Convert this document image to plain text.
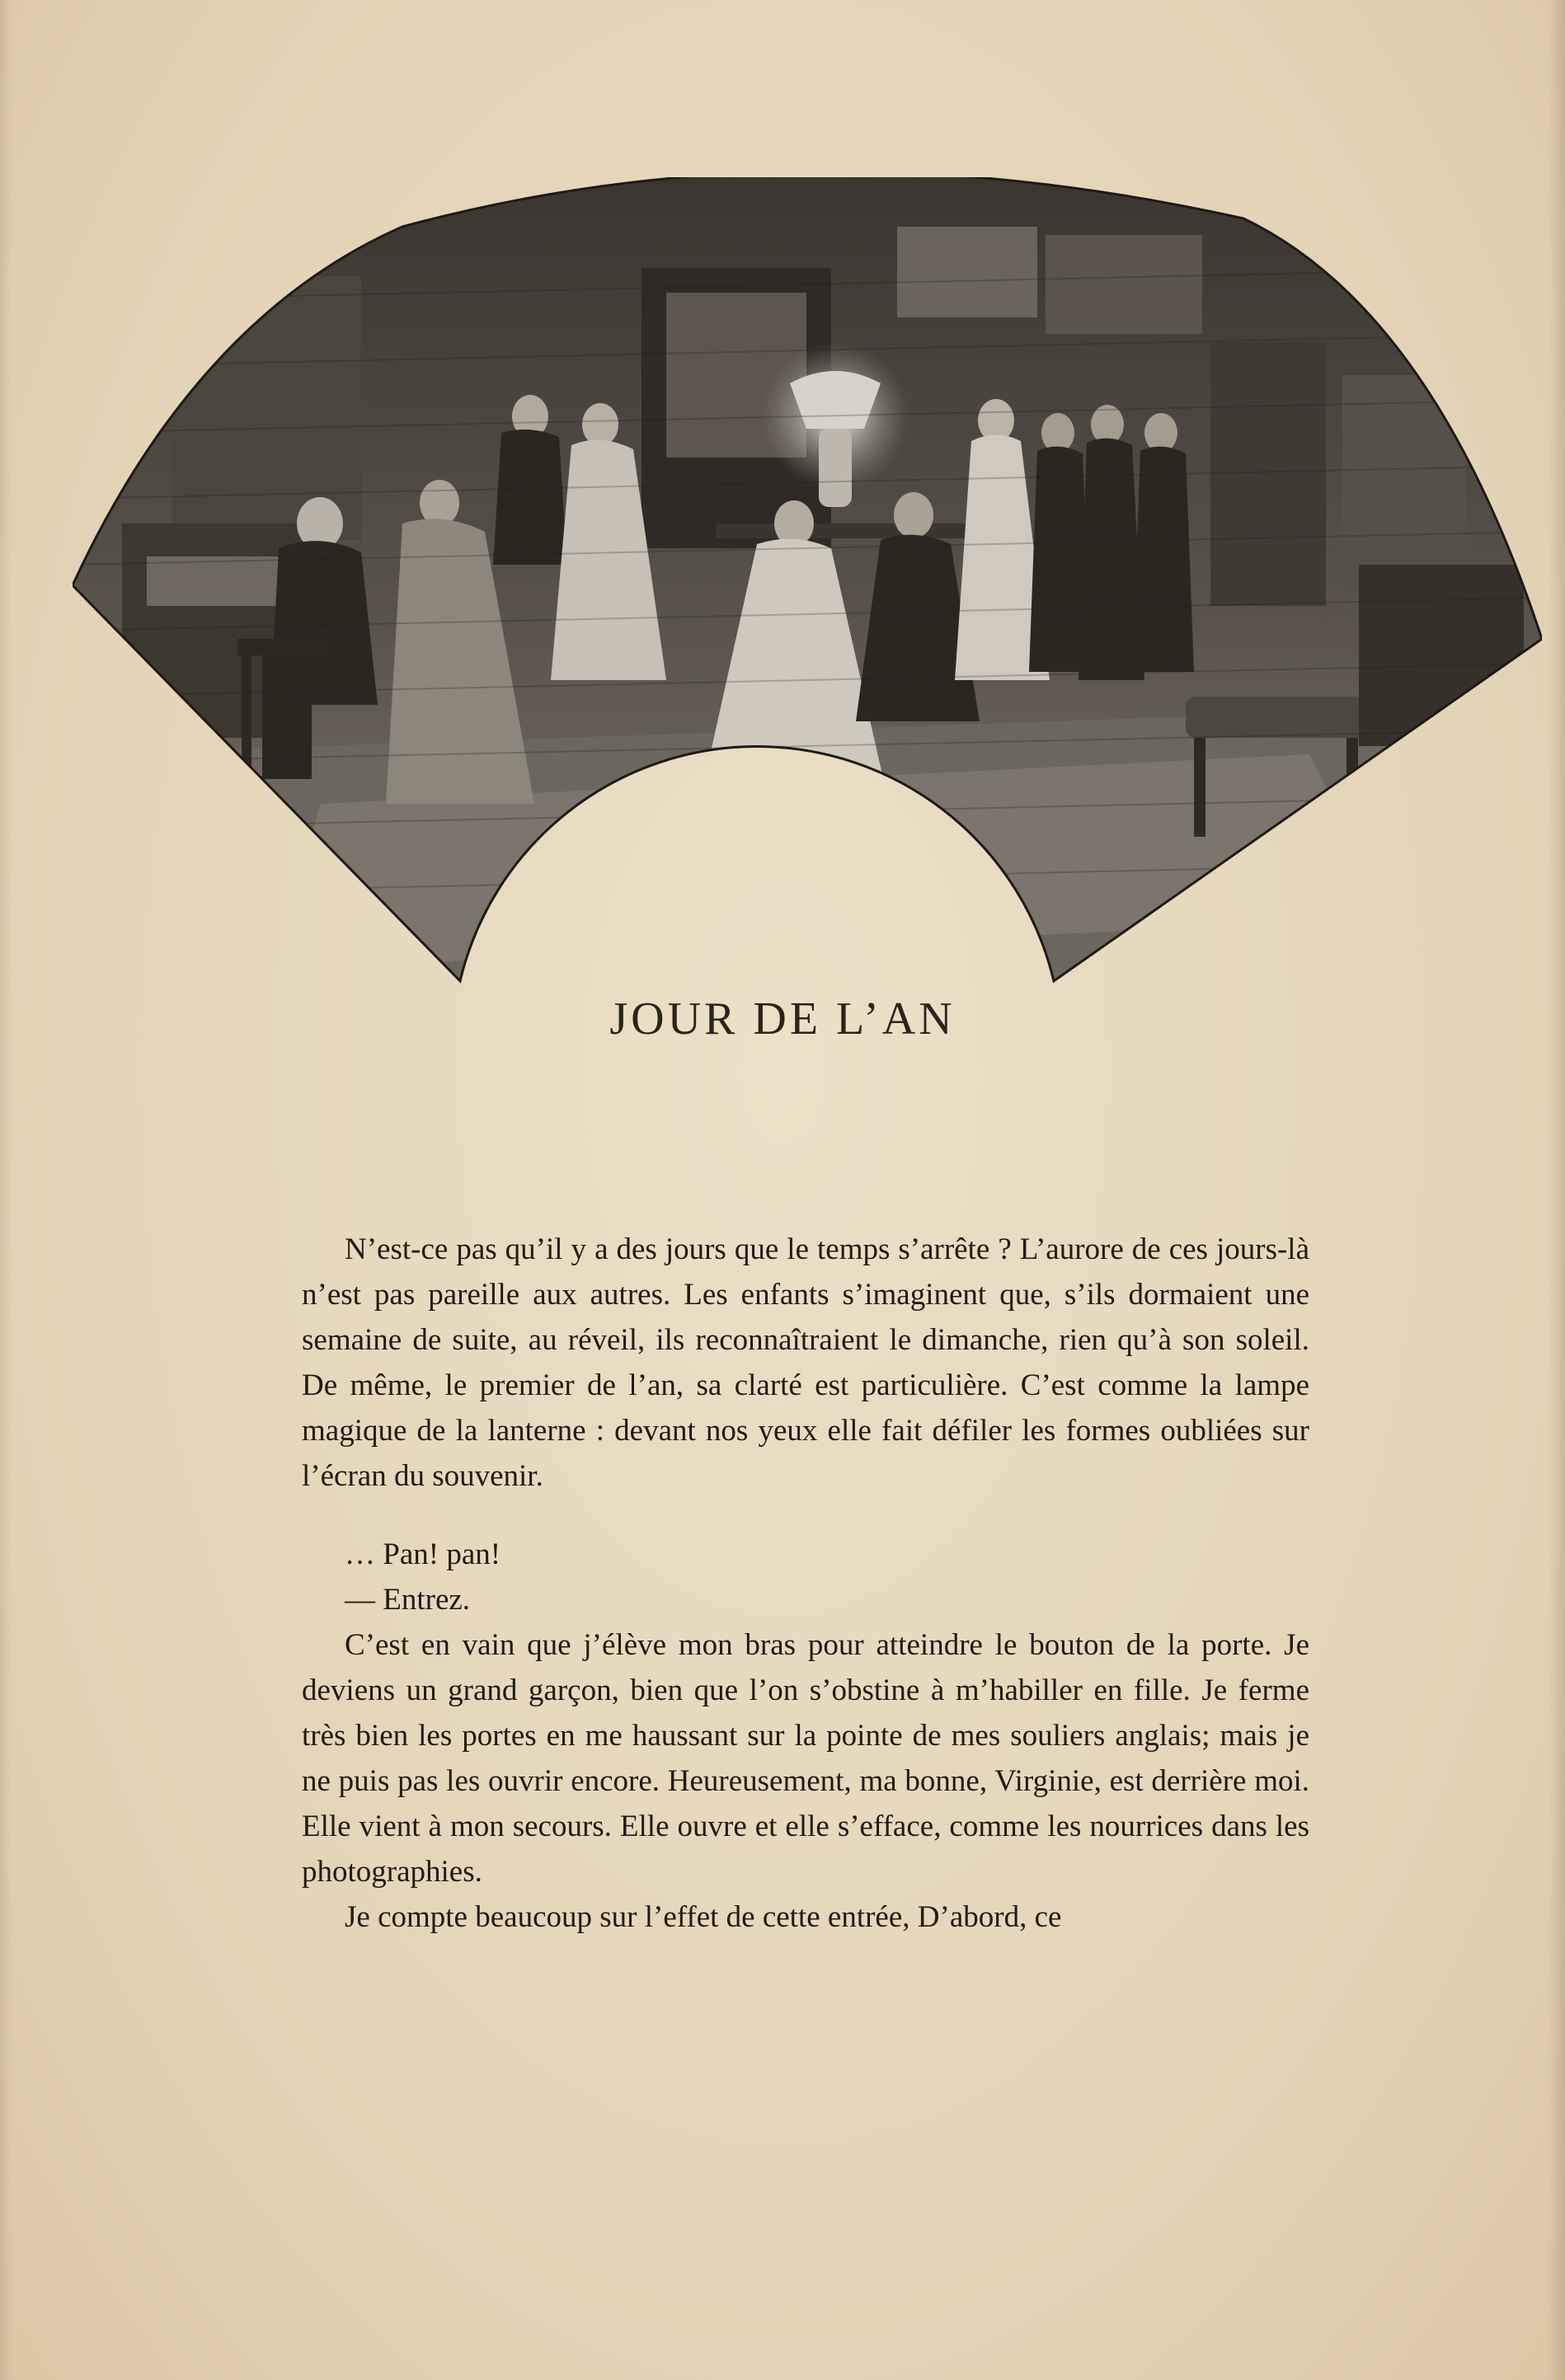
JOUR DE L’AN

N’est-ce pas qu’il y a des jours que le temps s’arrête ? L’aurore de ces jours-là n’est pas pareille aux autres. Les enfants s’imaginent que, s’ils dormaient une semaine de suite, au réveil, ils reconnaîtraient le dimanche, rien qu’à son soleil. De même, le premier de l’an, sa clarté est particulière. C’est comme la lampe magique de la lanterne : devant nos yeux elle fait défiler les formes oubliées sur l’écran du souvenir.

… Pan! pan!

— Entrez.

C’est en vain que j’élève mon bras pour atteindre le bouton de la porte. Je deviens un grand garçon, bien que l’on s’obstine à m’habiller en fille. Je ferme très bien les portes en me haussant sur la pointe de mes souliers anglais; mais je ne puis pas les ouvrir encore. Heureusement, ma bonne, Virginie, est derrière moi. Elle vient à mon secours. Elle ouvre et elle s’efface, comme les nourrices dans les photographies.

Je compte beaucoup sur l’effet de cette entrée, D’abord, ce
